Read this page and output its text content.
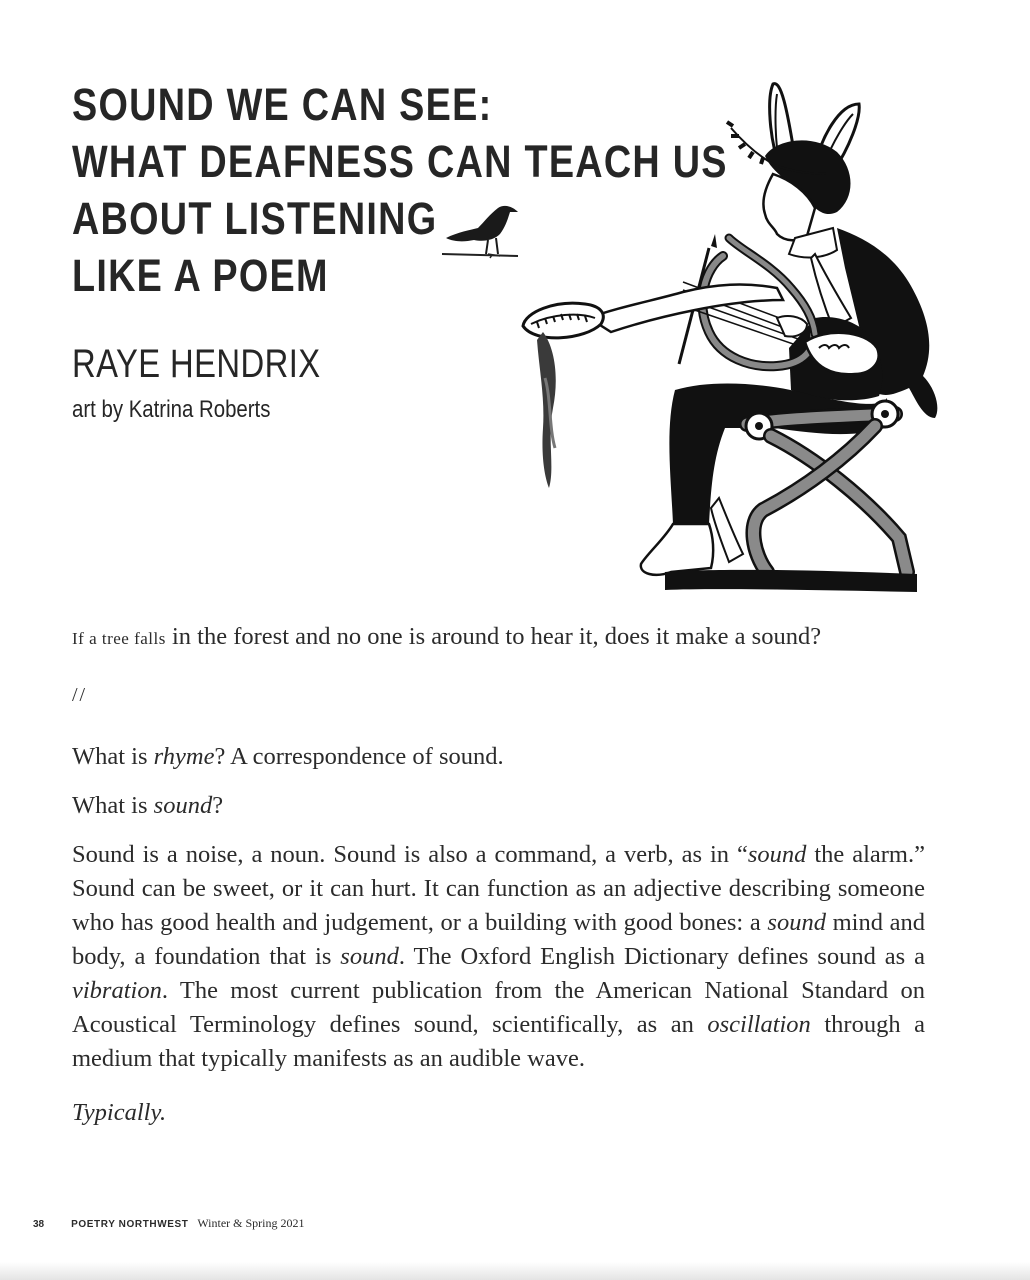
SOUND WE CAN SEE:
WHAT DEAFNESS CAN TEACH US
ABOUT LISTENING
LIKE A POEM
RAYE HENDRIX
art by Katrina Roberts

If a tree falls in the forest and no one is around to hear it, does it make a sound?

//

What is rhyme? A correspondence of sound.

What is sound?

Sound is a noise, a noun. Sound is also a command, a verb, as in “sound the alarm.” Sound can be sweet, or it can hurt. It can function as an adjective describing someone who has good health and judgement, or a building with good bones: a sound mind and body, a foundation that is sound. The Oxford English Dictionary defines sound as a vibration. The most current publication from the American National Standard on Acoustical Terminology defines sound, scientifically, as an oscillation through a medium that typically manifests as an audible wave.

Typically.

38	POETRY NORTHWEST Winter & Spring 2021
